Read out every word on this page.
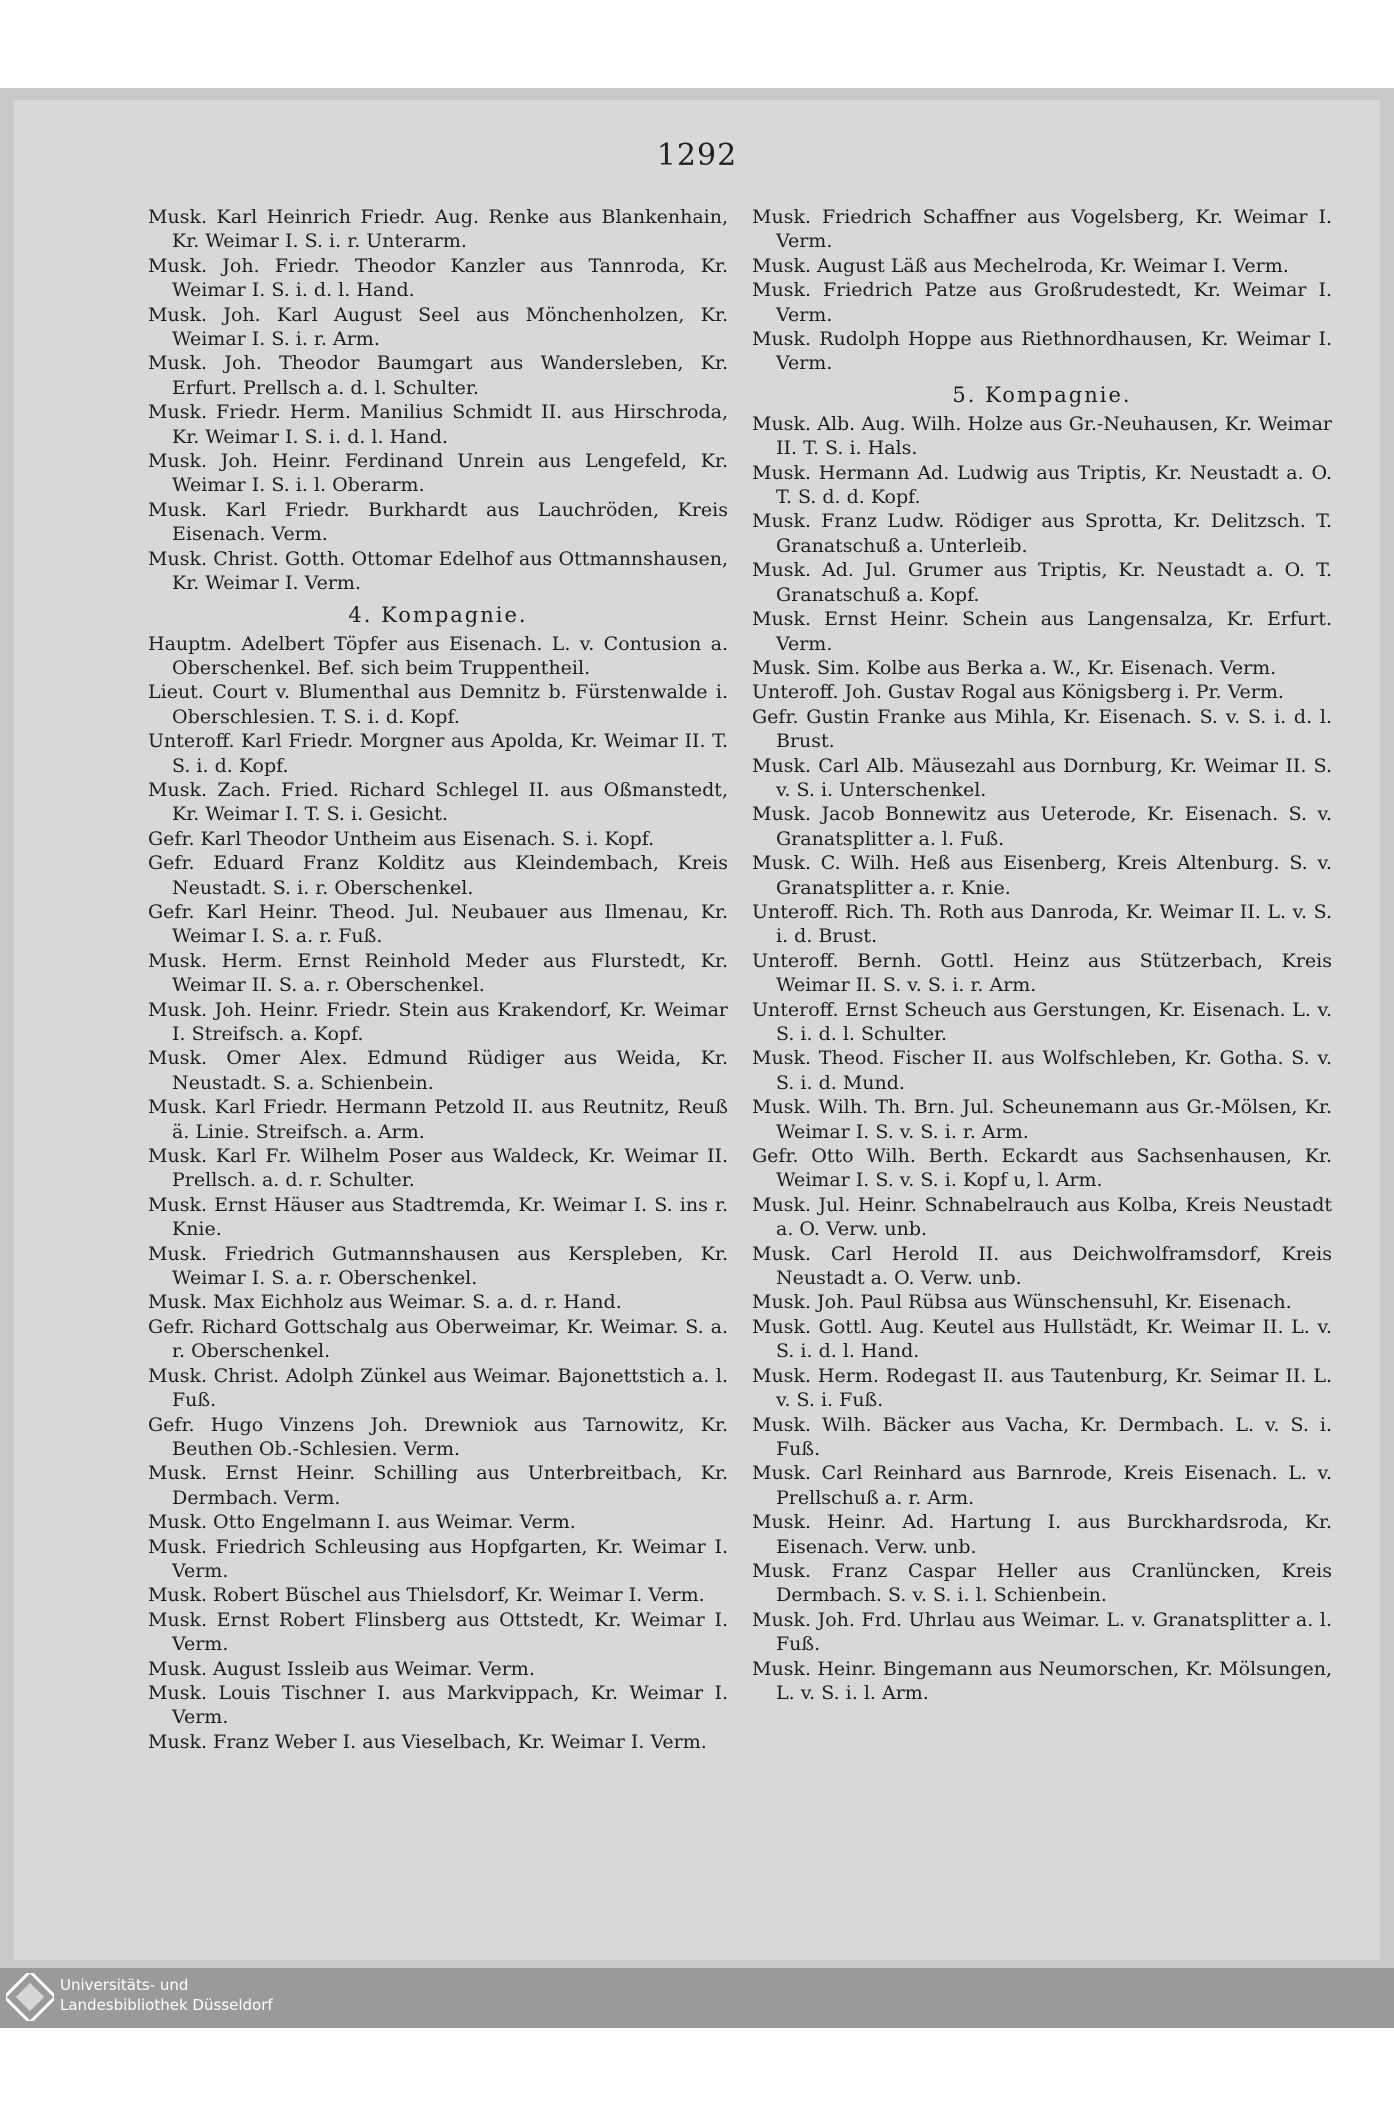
1292
Musk. Karl Heinrich Friedr. Aug. Renke aus Blankenhain, Kr. Weimar I. S. i. r. Unterarm.
Musk. Joh. Friedr. Theodor Kanzler aus Tannroda, Kr. Weimar I. S. i. d. l. Hand.
Musk. Joh. Karl August Seel aus Mönchenholzen, Kr. Weimar I. S. i. r. Arm.
Musk. Joh. Theodor Baumgart aus Wandersleben, Kr. Erfurt. Prellsch a. d. l. Schulter.
Musk. Friedr. Herm. Manilius Schmidt II. aus Hirschroda, Kr. Weimar I. S. i. d. l. Hand.
Musk. Joh. Heinr. Ferdinand Unrein aus Lengefeld, Kr. Weimar I. S. i. l. Oberarm.
Musk. Karl Friedr. Burkhardt aus Lauchröden, Kreis Eisenach. Verm.
Musk. Christ. Gotth. Ottomar Edelhof aus Ottmannshausen, Kr. Weimar I. Verm.
4. Kompagnie.
Hauptm. Adelbert Töpfer aus Eisenach. L. v. Contusion a. Oberschenkel. Bef. sich beim Truppentheil.
Lieut. Court v. Blumenthal aus Demnitz b. Fürstenwalde i. Oberschlesien. T. S. i. d. Kopf.
Unteroff. Karl Friedr. Morgner aus Apolda, Kr. Weimar II. T. S. i. d. Kopf.
Musk. Zach. Fried. Richard Schlegel II. aus Oßmanstedt, Kr. Weimar I. T. S. i. Gesicht.
Gefr. Karl Theodor Untheim aus Eisenach. S. i. Kopf.
Gefr. Eduard Franz Kolditz aus Kleindembach, Kreis Neustadt. S. i. r. Oberschenkel.
Gefr. Karl Heinr. Theod. Jul. Neubauer aus Ilmenau, Kr. Weimar I. S. a. r. Fuß.
Musk. Herm. Ernst Reinhold Meder aus Flurstedt, Kr. Weimar II. S. a. r. Oberschenkel.
Musk. Joh. Heinr. Friedr. Stein aus Krakendorf, Kr. Weimar I. Streifsch. a. Kopf.
Musk. Omer Alex. Edmund Rüdiger aus Weida, Kr. Neustadt. S. a. Schienbein.
Musk. Karl Friedr. Hermann Petzold II. aus Reutnitz, Reuß ä. Linie. Streifsch. a. Arm.
Musk. Karl Fr. Wilhelm Poser aus Waldeck, Kr. Weimar II. Prellsch. a. d. r. Schulter.
Musk. Ernst Häuser aus Stadtremda, Kr. Weimar I. S. ins r. Knie.
Musk. Friedrich Gutmannshausen aus Kerspleben, Kr. Weimar I. S. a. r. Oberschenkel.
Musk. Max Eichholz aus Weimar. S. a. d. r. Hand.
Gefr. Richard Gottschalg aus Oberweimar, Kr. Weimar. S. a. r. Oberschenkel.
Musk. Christ. Adolph Zünkel aus Weimar. Bajonettstich a. l. Fuß.
Gefr. Hugo Vinzens Joh. Drewniok aus Tarnowitz, Kr. Beuthen Ob.-Schlesien. Verm.
Musk. Ernst Heinr. Schilling aus Unterbreitbach, Kr. Dermbach. Verm.
Musk. Otto Engelmann I. aus Weimar. Verm.
Musk. Friedrich Schleusing aus Hopfgarten, Kr. Weimar I. Verm.
Musk. Robert Büschel aus Thielsdorf, Kr. Weimar I. Verm.
Musk. Ernst Robert Flinsberg aus Ottstedt, Kr. Weimar I. Verm.
Musk. August Issleib aus Weimar. Verm.
Musk. Louis Tischner I. aus Markvippach, Kr. Weimar I. Verm.
Musk. Franz Weber I. aus Vieselbach, Kr. Weimar I. Verm.
Musk. Friedrich Schaffner aus Vogelsberg, Kr. Weimar I. Verm.
Musk. August Läß aus Mechelroda, Kr. Weimar I. Verm.
Musk. Friedrich Patze aus Großrudestedt, Kr. Weimar I. Verm.
Musk. Rudolph Hoppe aus Riethnordhausen, Kr. Weimar I. Verm.
5. Kompagnie.
Musk. Alb. Aug. Wilh. Holze aus Gr.-Neuhausen, Kr. Weimar II. T. S. i. Hals.
Musk. Hermann Ad. Ludwig aus Triptis, Kr. Neustadt a. O. T. S. d. d. Kopf.
Musk. Franz Ludw. Rödiger aus Sprotta, Kr. Delitzsch. T. Granatschuß a. Unterleib.
Musk. Ad. Jul. Grumer aus Triptis, Kr. Neustadt a. O. T. Granatschuß a. Kopf.
Musk. Ernst Heinr. Schein aus Langensalza, Kr. Erfurt. Verm.
Musk. Sim. Kolbe aus Berka a. W., Kr. Eisenach. Verm.
Unteroff. Joh. Gustav Rogal aus Königsberg i. Pr. Verm.
Gefr. Gustin Franke aus Mihla, Kr. Eisenach. S. v. S. i. d. l. Brust.
Musk. Carl Alb. Mäusezahl aus Dornburg, Kr. Weimar II. S. v. S. i. Unterschenkel.
Musk. Jacob Bonnewitz aus Ueterode, Kr. Eisenach. S. v. Granatsplitter a. l. Fuß.
Musk. C. Wilh. Heß aus Eisenberg, Kreis Altenburg. S. v. Granatsplitter a. r. Knie.
Unteroff. Rich. Th. Roth aus Danroda, Kr. Weimar II. L. v. S. i. d. Brust.
Unteroff. Bernh. Gottl. Heinz aus Stützerbach, Kreis Weimar II. S. v. S. i. r. Arm.
Unteroff. Ernst Scheuch aus Gerstungen, Kr. Eisenach. L. v. S. i. d. l. Schulter.
Musk. Theod. Fischer II. aus Wolfschleben, Kr. Gotha. S. v. S. i. d. Mund.
Musk. Wilh. Th. Brn. Jul. Scheunemann aus Gr.-Mölsen, Kr. Weimar I. S. v. S. i. r. Arm.
Gefr. Otto Wilh. Berth. Eckardt aus Sachsenhausen, Kr. Weimar I. S. v. S. i. Kopf u, l. Arm.
Musk. Jul. Heinr. Schnabelrauch aus Kolba, Kreis Neustadt a. O. Verw. unb.
Musk. Carl Herold II. aus Deichwolframsdorf, Kreis Neustadt a. O. Verw. unb.
Musk. Joh. Paul Rübsa aus Wünschensuhl, Kr. Eisenach.
Musk. Gottl. Aug. Keutel aus Hullstädt, Kr. Weimar II. L. v. S. i. d. l. Hand.
Musk. Herm. Rodegast II. aus Tautenburg, Kr. Seimar II. L. v. S. i. Fuß.
Musk. Wilh. Bäcker aus Vacha, Kr. Dermbach. L. v. S. i. Fuß.
Musk. Carl Reinhard aus Barnrode, Kreis Eisenach. L. v. Prellschuß a. r. Arm.
Musk. Heinr. Ad. Hartung I. aus Burckhardsroda, Kr. Eisenach. Verw. unb.
Musk. Franz Caspar Heller aus Cranlüncken, Kreis Dermbach. S. v. S. i. l. Schienbein.
Musk. Joh. Frd. Uhrlau aus Weimar. L. v. Granatsplitter a. l. Fuß.
Musk. Heinr. Bingemann aus Neumorschen, Kr. Mölsungen, L. v. S. i. l. Arm.
Universitäts- und
Landesbibliothek Düsseldorf
